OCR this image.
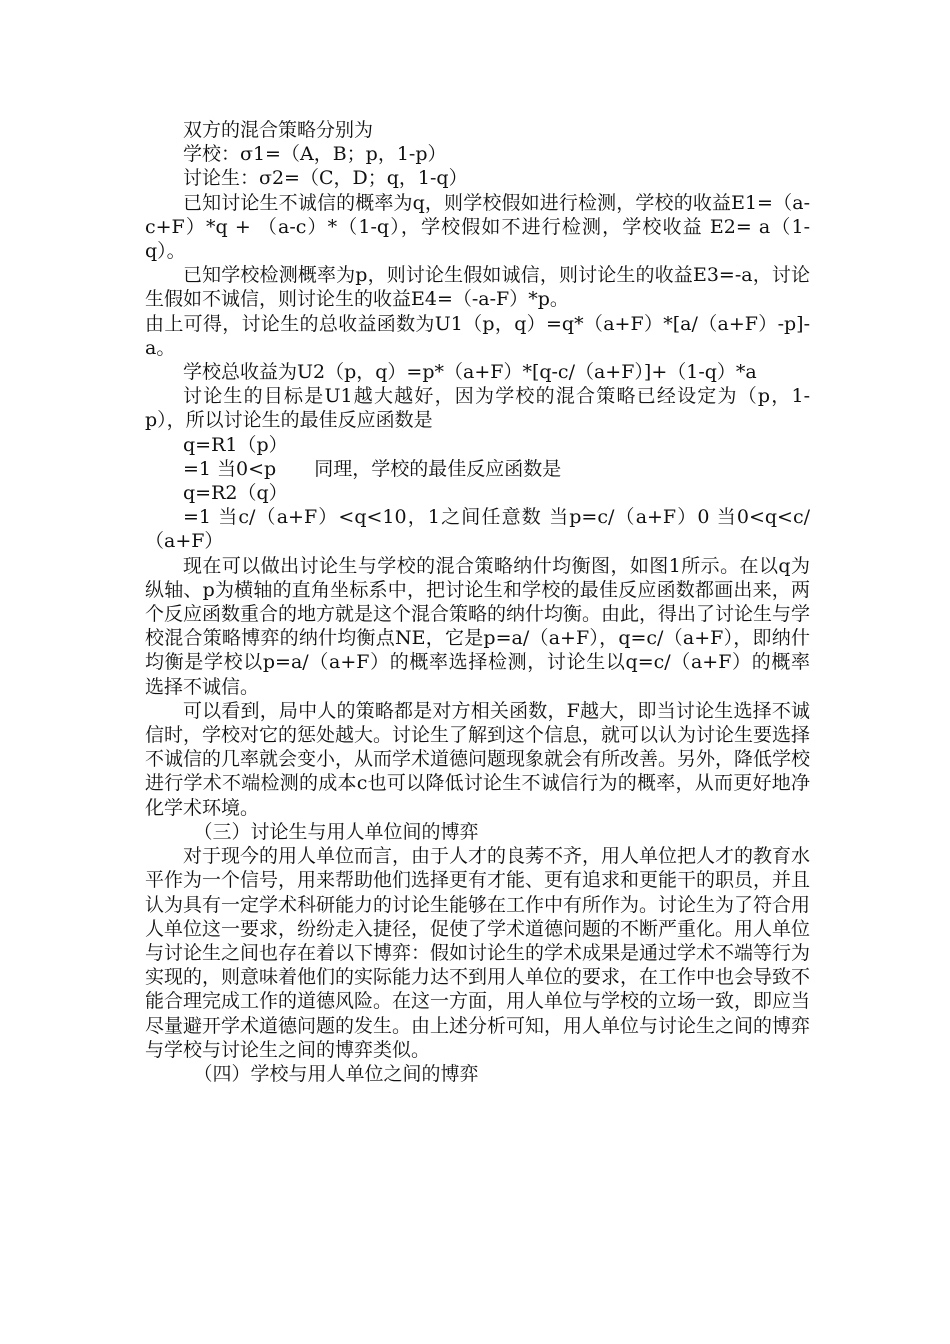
双方的混合策略分别为

学校：σ1=（A，B；p，1-p）

讨论生：σ2=（C，D；q，1-q）

已知讨论生不诚信的概率为q，则学校假如进行检测，学校的收益E1=（a-c+F）*q + （a-c）*（1-q），学校假如不进行检测，学校收益 E2= a（1-q）。

已知学校检测概率为p，则讨论生假如诚信，则讨论生的收益E3=-a，讨论生假如不诚信，则讨论生的收益E4=（-a-F）*p。

由上可得，讨论生的总收益函数为U1（p，q）=q*（a+F）*[a/（a+F）-p]-a。

学校总收益为U2（p，q）=p*（a+F）*[q-c/（a+F）]+（1-q）*a

讨论生的目标是U1越大越好，因为学校的混合策略已经设定为（p，1-p），所以讨论生的最佳反应函数是

q=R1（p）

=1 当0<p　　同理，学校的最佳反应函数是

q=R2（q）

=1 当c/（a+F）<q<10，1之间任意数 当p=c/（a+F）0 当0<q<c/（a+F）

现在可以做出讨论生与学校的混合策略纳什均衡图，如图1所示。在以q为纵轴、p为横轴的直角坐标系中，把讨论生和学校的最佳反应函数都画出来，两个反应函数重合的地方就是这个混合策略的纳什均衡。由此，得出了讨论生与学校混合策略博弈的纳什均衡点NE，它是p=a/（a+F），q=c/（a+F），即纳什均衡是学校以p=a/（a+F）的概率选择检测，讨论生以q=c/（a+F）的概率选择不诚信。

可以看到，局中人的策略都是对方相关函数，F越大，即当讨论生选择不诚信时，学校对它的惩处越大。讨论生了解到这个信息，就可以认为讨论生要选择不诚信的几率就会变小，从而学术道德问题现象就会有所改善。另外，降低学校进行学术不端检测的成本c也可以降低讨论生不诚信行为的概率，从而更好地净化学术环境。

（三）讨论生与用人单位间的博弈

对于现今的用人单位而言，由于人才的良莠不齐，用人单位把人才的教育水平作为一个信号，用来帮助他们选择更有才能、更有追求和更能干的职员，并且认为具有一定学术科研能力的讨论生能够在工作中有所作为。讨论生为了符合用人单位这一要求，纷纷走入捷径，促使了学术道德问题的不断严重化。用人单位与讨论生之间也存在着以下博弈：假如讨论生的学术成果是通过学术不端等行为实现的，则意味着他们的实际能力达不到用人单位的要求，在工作中也会导致不能合理完成工作的道德风险。在这一方面，用人单位与学校的立场一致，即应当尽量避开学术道德问题的发生。由上述分析可知，用人单位与讨论生之间的博弈与学校与讨论生之间的博弈类似。

（四）学校与用人单位之间的博弈
